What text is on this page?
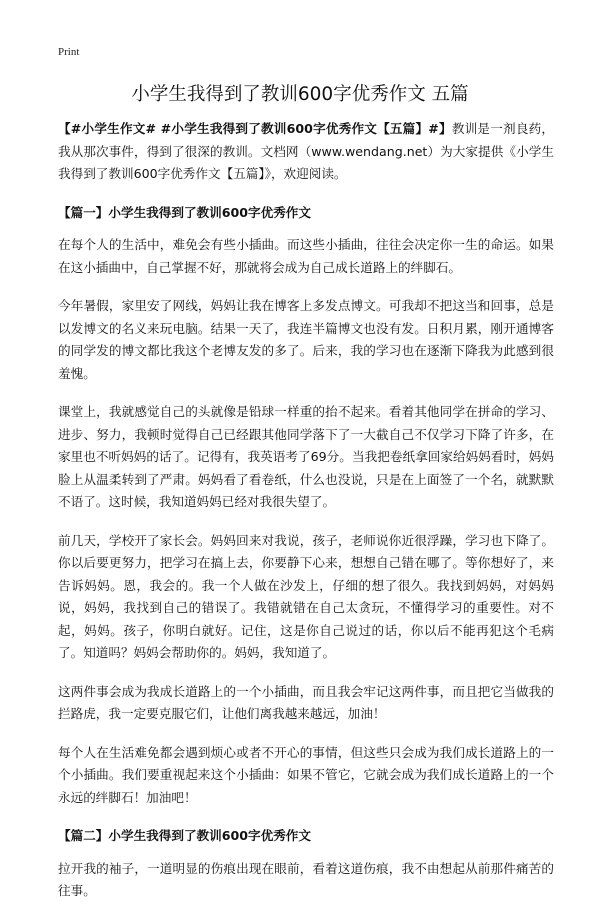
Print
小学生我得到了教训600字优秀作文 五篇

【#小学生作文# #小学生我得到了教训600字优秀作文【五篇】#】教训是一剂良药，我从那次事件，得到了很深的教训。文档网（www.wendang.net）为大家提供《小学生我得到了教训600字优秀作文【五篇】》，欢迎阅读。

【篇一】小学生我得到了教训600字优秀作文

在每个人的生活中，难免会有些小插曲。而这些小插曲，往往会决定你一生的命运。如果在这小插曲中，自己掌握不好，那就将会成为自己成长道路上的绊脚石。

今年暑假，家里安了网线，妈妈让我在博客上多发点博文。可我却不把这当和回事，总是以发博文的名义来玩电脑。结果一天了，我连半篇博文也没有发。日积月累，刚开通博客的同学发的博文都比我这个老博友发的多了。后来，我的学习也在逐渐下降我为此感到很羞愧。

课堂上，我就感觉自己的头就像是铅球一样重的抬不起来。看着其他同学在拼命的学习、进步、努力，我顿时觉得自己已经跟其他同学落下了一大截自己不仅学习下降了许多，在家里也不听妈妈的话了。记得有，我英语考了69分。当我把卷纸拿回家给妈妈看时，妈妈脸上从温柔转到了严肃。妈妈看了看卷纸，什么也没说，只是在上面签了一个名，就默默不语了。这时候，我知道妈妈已经对我很失望了。

前几天，学校开了家长会。妈妈回来对我说，孩子，老师说你近很浮躁，学习也下降了。你以后要更努力，把学习在搞上去，你要静下心来，想想自己错在哪了。等你想好了，来告诉妈妈。恩，我会的。我一个人做在沙发上，仔细的想了很久。我找到妈妈，对妈妈说，妈妈，我找到自己的错误了。我错就错在自己太贪玩，不懂得学习的重要性。对不起，妈妈。孩子，你明白就好。记住，这是你自己说过的话，你以后不能再犯这个毛病了。知道吗？妈妈会帮助你的。妈妈，我知道了。

这两件事会成为我成长道路上的一个小插曲，而且我会牢记这两件事，而且把它当做我的拦路虎，我一定要克服它们，让他们离我越来越远，加油！

每个人在生活难免都会遇到烦心或者不开心的事情，但这些只会成为我们成长道路上的一个小插曲。我们要重视起来这个小插曲：如果不管它，它就会成为我们成长道路上的一个永远的绊脚石！加油吧！

【篇二】小学生我得到了教训600字优秀作文

拉开我的袖子，一道明显的伤痕出现在眼前，看着这道伤痕，我不由想起从前那件痛苦的往事。
